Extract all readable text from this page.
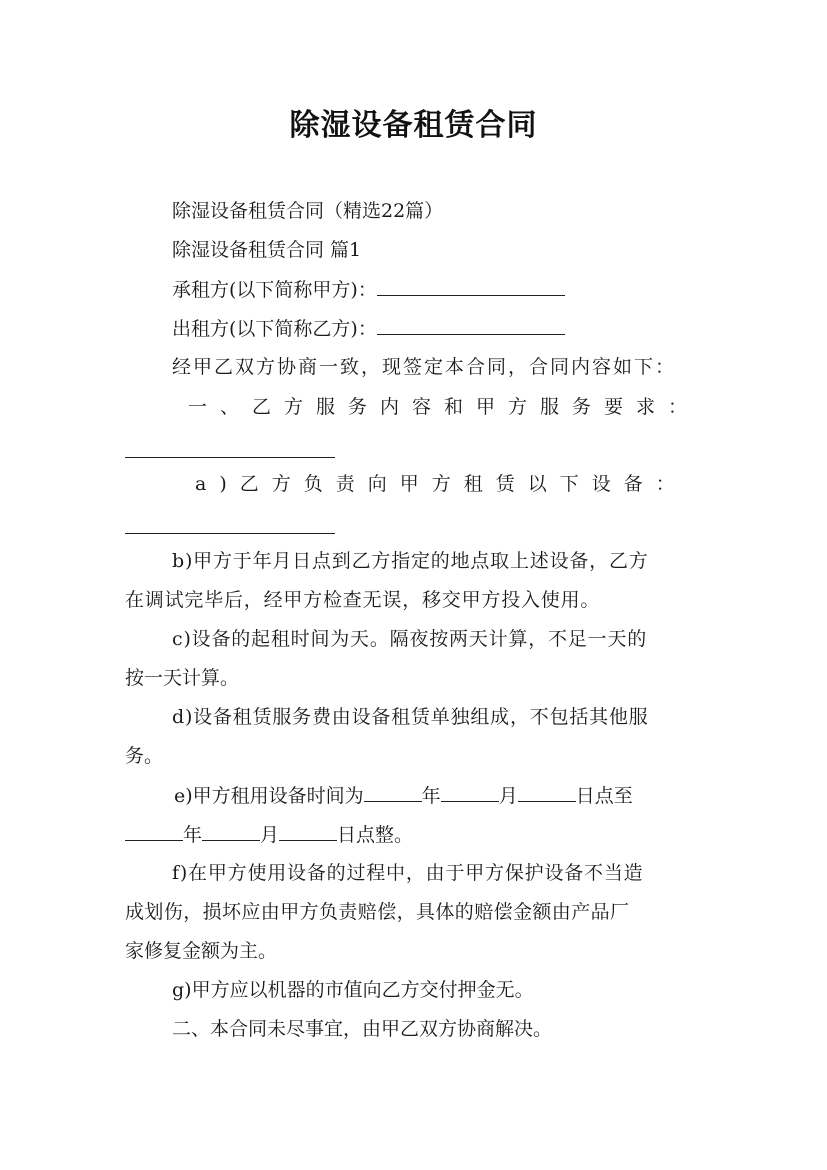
除湿设备租赁合同
除湿设备租赁合同（精选22篇）
除湿设备租赁合同 篇1
承租方(以下简称甲方)：
出租方(以下简称乙方)：
经甲乙双方协商一致，现签定本合同，合同内容如下：
一、乙方服务内容和甲方服务要求：
a)乙方负责向甲方租赁以下设备：
b)甲方于年月日点到乙方指定的地点取上述设备，乙方
在调试完毕后，经甲方检查无误，移交甲方投入使用。
c)设备的起租时间为天。隔夜按两天计算，不足一天的
按一天计算。
d)设备租赁服务费由设备租赁单独组成，不包括其他服
务。
e)甲方租用设备时间为	年	月	日点至
年	月	日点整。
f)在甲方使用设备的过程中，由于甲方保护设备不当造
成划伤，损坏应由甲方负责赔偿，具体的赔偿金额由产品厂
家修复金额为主。
g)甲方应以机器的市值向乙方交付押金无。
二、本合同未尽事宜，由甲乙双方协商解决。
